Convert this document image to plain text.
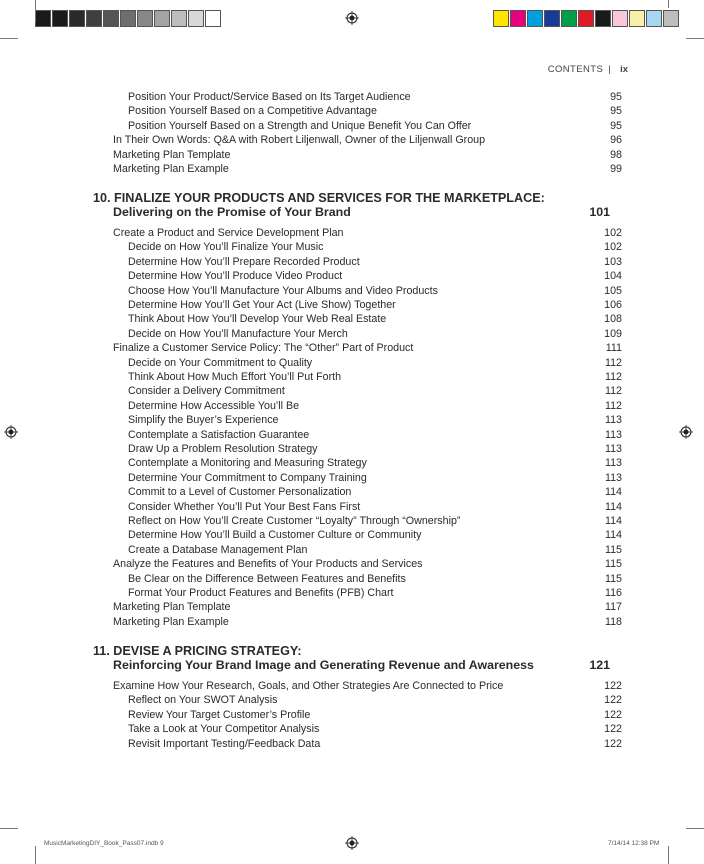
CONTENTS | ix
Position Your Product/Service Based on Its Target Audience	95
Position Yourself Based on a Competitive Advantage	95
Position Yourself Based on a Strength and Unique Benefit You Can Offer	95
In Their Own Words: Q&A with Robert Liljenwall, Owner of the Liljenwall Group	96
Marketing Plan Template	98
Marketing Plan Example	99
10. FINALIZE YOUR PRODUCTS AND SERVICES FOR THE MARKETPLACE:
Delivering on the Promise of Your Brand	101
Create a Product and Service Development Plan	102
Decide on How You’ll Finalize Your Music	102
Determine How You’ll Prepare Recorded Product	103
Determine How You’ll Produce Video Product	104
Choose How You’ll Manufacture Your Albums and Video Products	105
Determine How You’ll Get Your Act (Live Show) Together	106
Think About How You’ll Develop Your Web Real Estate	108
Decide on How You’ll Manufacture Your Merch	109
Finalize a Customer Service Policy: The “Other” Part of Product	111
Decide on Your Commitment to Quality	112
Think About How Much Effort You’ll Put Forth	112
Consider a Delivery Commitment	112
Determine How Accessible You’ll Be	112
Simplify the Buyer’s Experience	113
Contemplate a Satisfaction Guarantee	113
Draw Up a Problem Resolution Strategy	113
Contemplate a Monitoring and Measuring Strategy	113
Determine Your Commitment to Company Training	113
Commit to a Level of Customer Personalization	114
Consider Whether You’ll Put Your Best Fans First	114
Reflect on How You’ll Create Customer “Loyalty” Through “Ownership”	114
Determine How You’ll Build a Customer Culture or Community	114
Create a Database Management Plan	115
Analyze the Features and Benefits of Your Products and Services	115
Be Clear on the Difference Between Features and Benefits	115
Format Your Product Features and Benefits (PFB) Chart	116
Marketing Plan Template	117
Marketing Plan Example	118
11. DEVISE A PRICING STRATEGY:
Reinforcing Your Brand Image and Generating Revenue and Awareness	121
Examine How Your Research, Goals, and Other Strategies Are Connected to Price	122
Reflect on Your SWOT Analysis	122
Review Your Target Customer’s Profile	122
Take a Look at Your Competitor Analysis	122
Revisit Important Testing/Feedback Data	122
MusicMarketingDIY_Book_Pass07.indb 9	7/14/14 12:38 PM
